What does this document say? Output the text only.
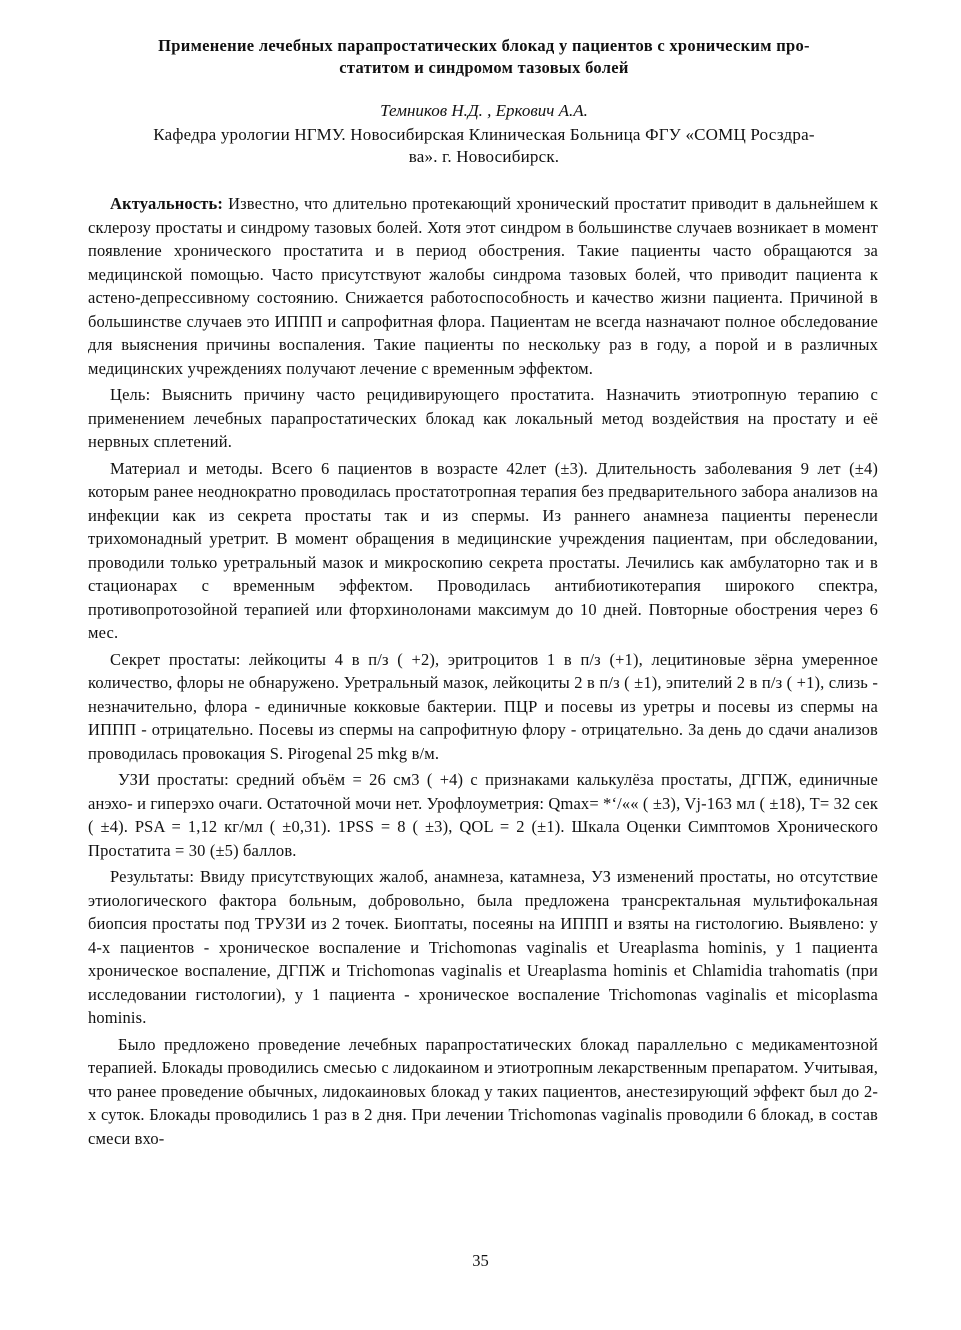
Применение лечебных парапростатических блокад у пациентов с хроническим про-
статитом и синдромом тазовых болей
Темников Н.Д. , Еркович А.А.
Кафедра урологии НГМУ. Новосибирская Клиническая Больница ФГУ «СОМЦ Росздра-
ва». г. Новосибирск.

Актуальность: Известно, что длительно протекающий хронический простатит приводит в дальнейшем к склерозу простаты и синдрому тазовых болей. Хотя этот синдром в большинстве случаев возникает в момент появление хронического простатита и в период обострения. Такие пациенты часто обращаются за медицинской помощью. Часто присутствуют жалобы синдрома тазовых болей, что приводит пациента к астено-депрессивному состоянию. Снижается работоспособность и качество жизни пациента. Причиной в большинстве случаев это ИППП и сапрофитная флора. Пациентам не всегда назначают полное обследование для выяснения причины воспаления. Такие пациенты по нескольку раз в году, а порой и в различных медицинских учреждениях получают лечение с временным эффектом.

Цель: Выяснить причину часто рецидивирующего простатита. Назначить этиотропную терапию с применением лечебных парапростатических блокад как локальный метод воздействия на простату и её нервных сплетений.

Материал и методы. Всего 6 пациентов в возрасте 42лет (±3). Длительность заболевания 9 лет (±4) которым ранее неоднократно проводилась простатотропная терапия без предварительного забора анализов на инфекции как из секрета простаты так и из спермы. Из раннего анамнеза пациенты перенесли трихомонадный уретрит. В момент обращения в медицинские учреждения пациентам, при обследовании, проводили только уретральный мазок и микроскопию секрета простаты. Лечились как амбулаторно так и в стационарах с временным эффектом. Проводилась антибиотикотерапия широкого спектра, противопротозойной терапией или фторхинолонами максимум до 10 дней. Повторные обострения через 6 мес.

Секрет простаты: лейкоциты 4 в п/з ( +2), эритроцитов 1 в п/з (+1), лецитиновые зёрна умеренное количество, флоры не обнаружено. Уретральный мазок, лейкоциты 2 в п/з ( ±1), эпителий 2 в п/з ( +1), слизь - незначительно, флора - единичные кокковые бактерии. ПЦР и посевы из уретры и посевы из спермы на ИППП - отрицательно. Посевы из спермы на сапрофитную флору - отрицательно. За день до сдачи анализов проводилась провокация S. Pirogenal 25 mkg в/м.

УЗИ простаты: средний объём = 26 см3 ( +4) с признаками калькулёза простаты, ДГПЖ, единичные анэхо- и гиперэхо очаги. Остаточной мочи нет. Урофлоуметрия: Qmax= *‘/«« ( ±3), Vj-163 мл ( ±18), T= 32 сек ( ±4). PSA = 1,12 кг/мл ( ±0,31). 1PSS = 8 ( ±3), QOL = 2 (±1). Шкала Оценки Симптомов Хронического Простатита = 30 (±5) баллов.

Результаты: Ввиду присутствующих жалоб, анамнеза, катамнеза, УЗ изменений простаты, но отсутствие этиологического фактора больным, добровольно, была предложена трансректальная мультифокальная биопсия простаты под ТРУЗИ из 2 точек. Биоптаты, посеяны на ИППП и взяты на гистологию. Выявлено: у 4-х пациентов - хроническое воспаление и Trichomonas vaginalis et Ureaplasma hominis, у 1 пациента хроническое воспаление, ДГПЖ и Trichomonas vaginalis et Ureaplasma hominis et Chlamidia trahomatis (при исследовании гистологии), у 1 пациента - хроническое воспаление Trichomonas vaginalis et micoplasma hominis.

Было предложено проведение лечебных парапростатических блокад параллельно с медикаментозной терапией. Блокады проводились смесью с лидокаином и этиотропным лекарственным препаратом. Учитывая, что ранее проведение обычных, лидокаиновых блокад у таких пациентов, анестезирующий эффект был до 2-х суток. Блокады проводились 1 раз в 2 дня. При лечении Trichomonas vaginalis проводили 6 блокад, в состав смеси вхо-

35
